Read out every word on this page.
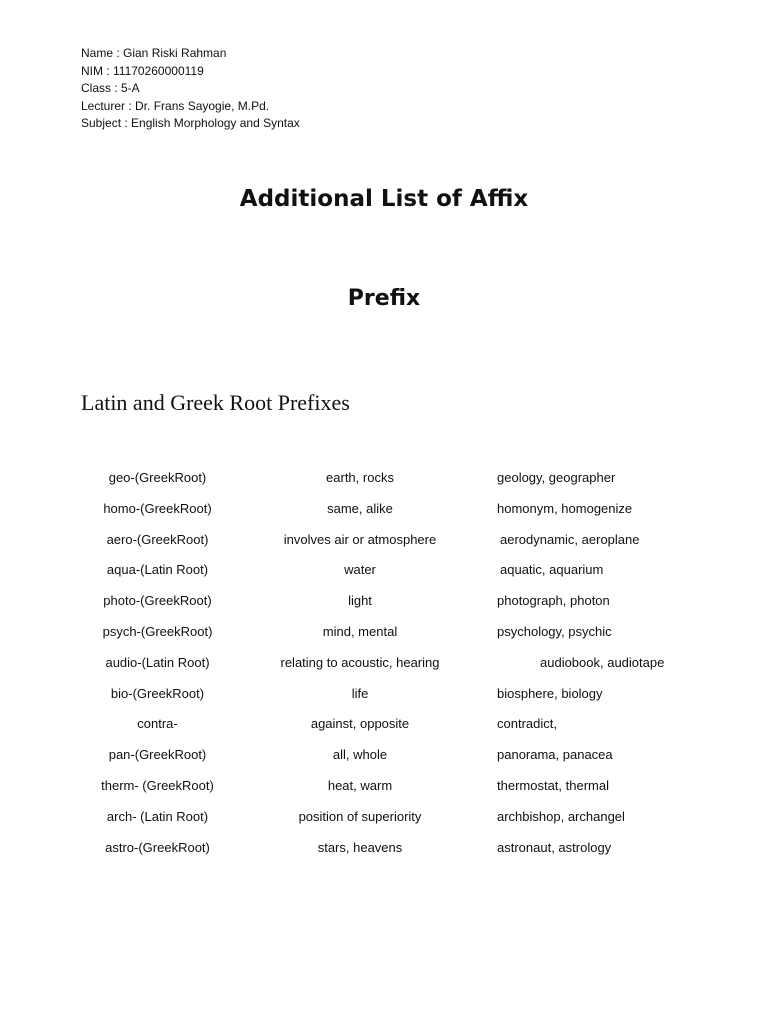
Name : Gian Riski Rahman
NIM : 11170260000119
Class : 5-A
Lecturer : Dr. Frans Sayogie, M.Pd.
Subject : English Morphology and Syntax
Additional List of Affix
Prefix
Latin and Greek Root Prefixes
geo-(GreekRoot)	earth, rocks	geology, geographer
homo-(GreekRoot)	same, alike	homonym, homogenize
aero-(GreekRoot)	involves air or atmosphere	aerodynamic, aeroplane
aqua-(Latin Root)	water	aquatic, aquarium
photo-(GreekRoot)	light	photograph, photon
psych-(GreekRoot)	mind, mental	psychology, psychic
audio-(Latin Root)	relating to acoustic, hearing	audiobook, audiotape
bio-(GreekRoot)	life	biosphere, biology
contra-	against, opposite	contradict,
pan-(GreekRoot)	all, whole	panorama, panacea
therm- (GreekRoot)	heat, warm	thermostat, thermal
arch- (Latin Root)	position of superiority	archbishop, archangel
astro-(GreekRoot)	stars, heavens	astronaut, astrology
